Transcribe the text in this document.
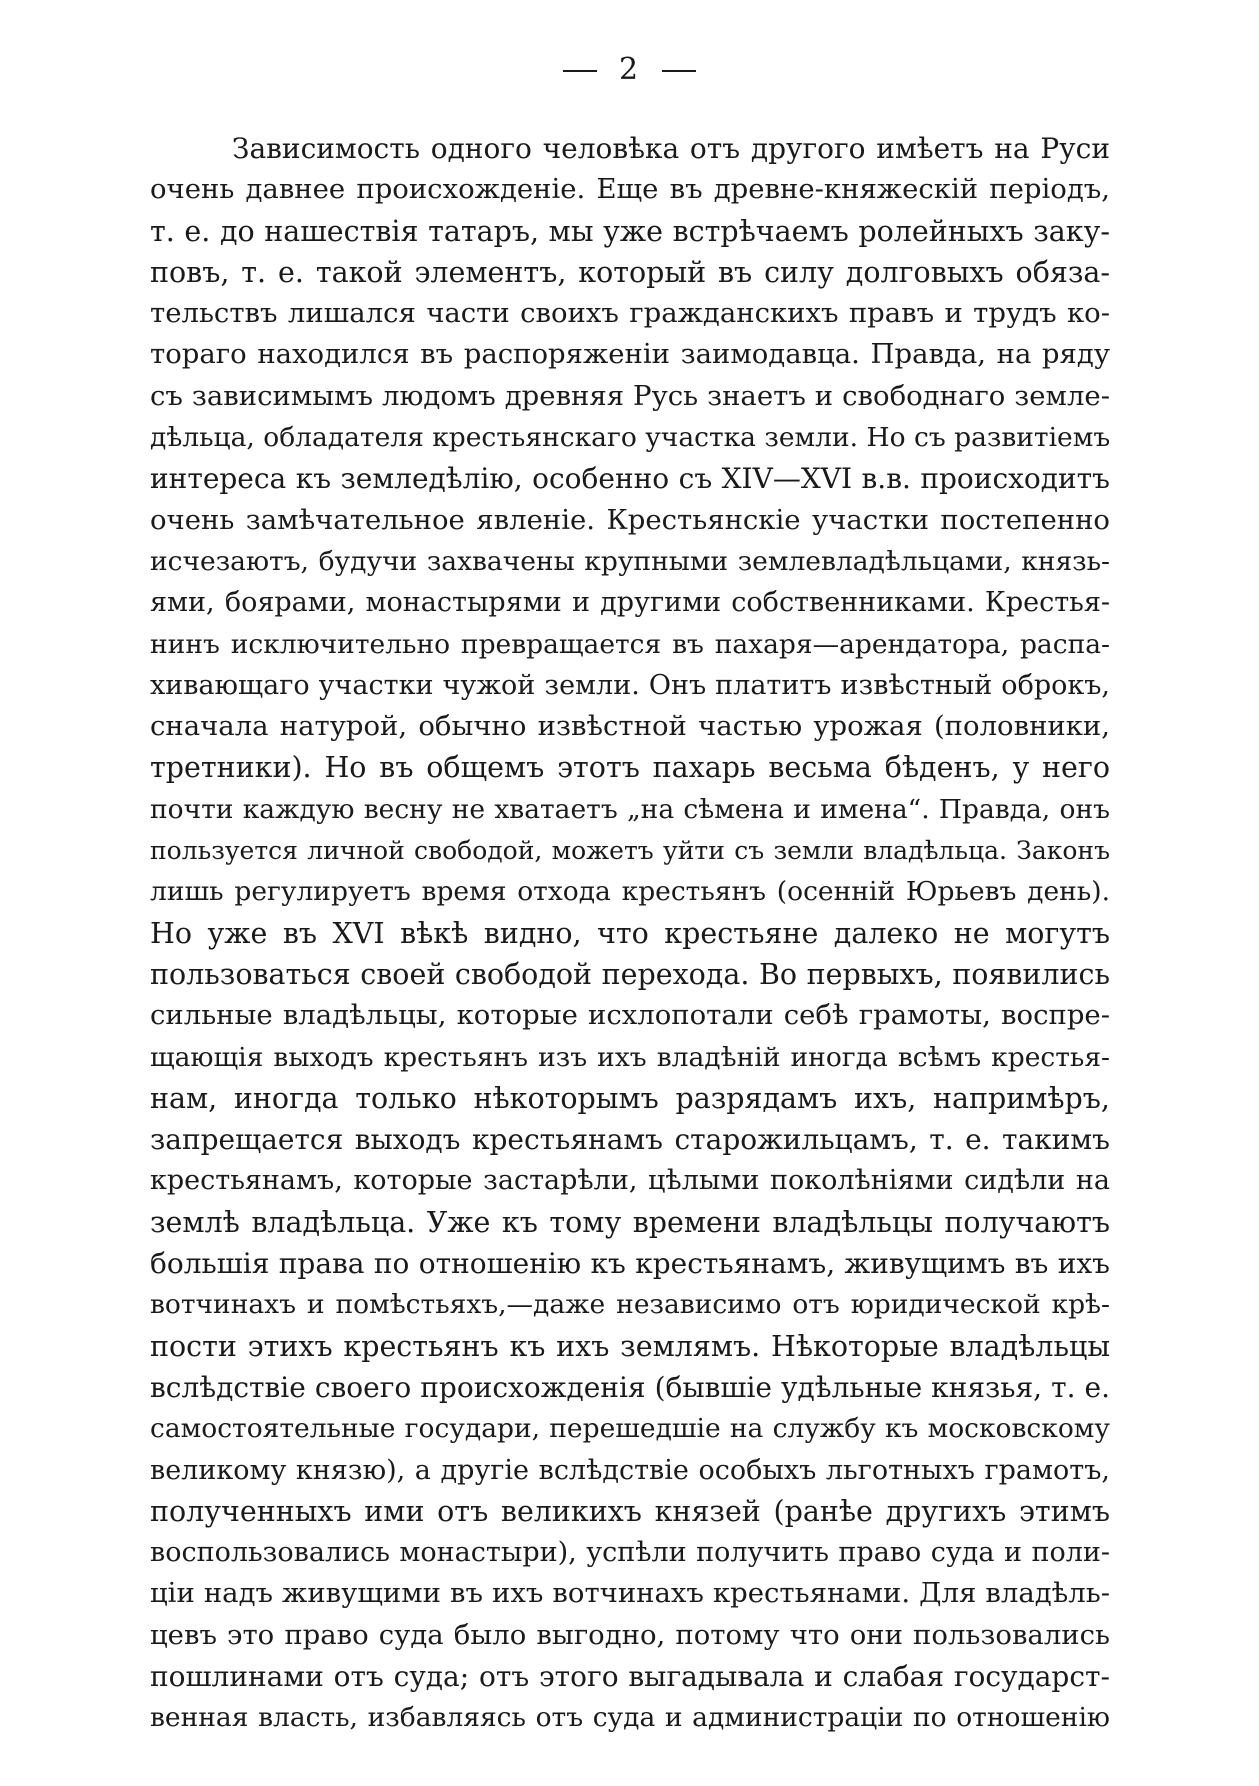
2
Зависимость одного человѣка отъ другого имѣетъ на Руси
очень давнее происхожденіе. Еще въ древне-княжескій періодъ,
т. е. до нашествія татаръ, мы уже встрѣчаемъ ролейныхъ заку-
повъ, т. е. такой элементъ, который въ силу долговыхъ обяза-
тельствъ лишался части своихъ гражданскихъ правъ и трудъ ко-
тораго находился въ распоряженіи заимодавца. Правда, на ряду
съ зависимымъ людомъ древняя Русь знаетъ и свободнаго земле-
дѣльца, обладателя крестьянскаго участка земли. Но съ развитіемъ
интереса къ земледѣлію, особенно съ XIV—XVI в.в. происходитъ
очень замѣчательное явленіе. Крестьянскіе участки постепенно
исчезаютъ, будучи захвачены крупными землевладѣльцами, князь-
ями, боярами, монастырями и другими собственниками. Крестья-
нинъ исключительно превращается въ пахаря—арендатора, распа-
хивающаго участки чужой земли. Онъ платитъ извѣстный оброкъ,
сначала натурой, обычно извѣстной частью урожая (половники,
третники). Но въ общемъ этотъ пахарь весьма бѣденъ, у него
почти каждую весну не хватаетъ „на сѣмена и имена“. Правда, онъ
пользуется личной свободой, можетъ уйти съ земли владѣльца. Законъ
лишь регулируетъ время отхода крестьянъ (осенній Юрьевъ день).
Но уже въ XVI вѣкѣ видно, что крестьяне далеко не могутъ
пользоваться своей свободой перехода. Во первыхъ, появились
сильные владѣльцы, которые исхлопотали себѣ грамоты, воспре-
щающія выходъ крестьянъ изъ ихъ владѣній иногда всѣмъ крестья-
нам, иногда только нѣкоторымъ разрядамъ ихъ, напримѣръ,
запрещается выходъ крестьянамъ старожильцамъ, т. е. такимъ
крестьянамъ, которые застарѣли, цѣлыми поколѣніями сидѣли на
землѣ владѣльца. Уже къ тому времени владѣльцы получаютъ
большія права по отношенію къ крестьянамъ, живущимъ въ ихъ
вотчинахъ и помѣстьяхъ,—даже независимо отъ юридической крѣ-
пости этихъ крестьянъ къ ихъ землямъ. Нѣкоторые владѣльцы
вслѣдствіе своего происхожденія (бывшіе удѣльные князья, т. е.
самостоятельные государи, перешедшіе на службу къ московскому
великому князю), а другіе вслѣдствіе особыхъ льготныхъ грамотъ,
полученныхъ ими отъ великихъ князей (ранѣе другихъ этимъ
воспользовались монастыри), успѣли получить право суда и поли-
ціи надъ живущими въ ихъ вотчинахъ крестьянами. Для владѣль-
цевъ это право суда было выгодно, потому что они пользовались
пошлинами отъ суда; отъ этого выгадывала и слабая государст-
венная власть, избавляясь отъ суда и администраціи по отношенію
